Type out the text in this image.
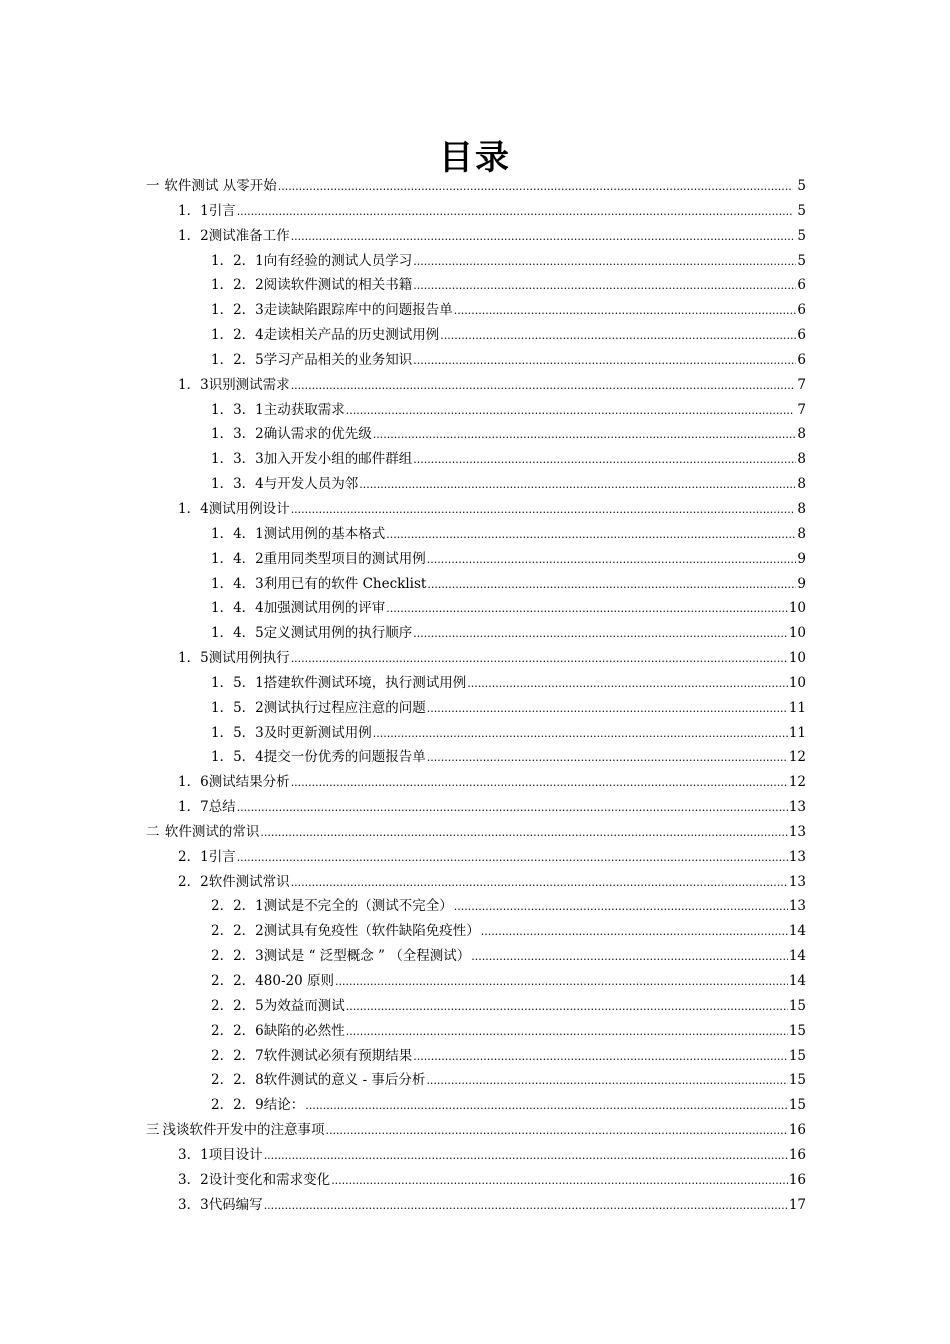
目录
一 软件测试 从零开始 .....	5
1．1 引言 .....	5
1．2 测试准备工作 .....	5
1．2．1 向有经验的测试人员学习 .....	5
1．2．2 阅读软件测试的相关书籍 .....	6
1．2．3 走读缺陷跟踪库中的问题报告单 .....	6
1．2．4 走读相关产品的历史测试用例 .....	6
1．2．5 学习产品相关的业务知识 .....	6
1．3 识别测试需求 .....	7
1．3．1 主动获取需求 .....	7
1．3．2 确认需求的优先级 .....	8
1．3．3 加入开发小组的邮件群组 .....	8
1．3．4 与开发人员为邻 .....	8
1．4 测试用例设计 .....	8
1．4．1 测试用例的基本格式 .....	8
1．4．2 重用同类型项目的测试用例 .....	9
1．4．3 利用已有的软件 Checklist .....	9
1．4．4 加强测试用例的评审 .....	10
1．4．5 定义测试用例的执行顺序 .....	10
1．5 测试用例执行 .....	10
1．5．1 搭建软件测试环境，执行测试用例 .....	10
1．5．2 测试执行过程应注意的问题 .....	11
1．5．3 及时更新测试用例 .....	11
1．5．4 提交一份优秀的问题报告单 .....	12
1．6 测试结果分析 .....	12
1．7 总结 .....	13
二 软件测试的常识 .....	13
2．1 引言 .....	13
2．2 软件测试常识 .....	13
2．2．1 测试是不完全的（测试不完全） .....	13
2．2．2 测试具有免疫性（软件缺陷免疫性） .....	14
2．2．3 测试是 “ 泛型概念 ” （全程测试） .....	14
2．2．4 80-20 原则 .....	14
2．2．5 为效益而测试 .....	15
2．2．6 缺陷的必然性 .....	15
2．2．7 软件测试必须有预期结果 .....	15
2．2．8 软件测试的意义 - 事后分析 .....	15
2．2．9 结论： .....	15
三 浅谈软件开发中的注意事项 .....	16
3．1 项目设计 .....	16
3．2 设计变化和需求变化 .....	16
3．3 代码编写 .....	17
